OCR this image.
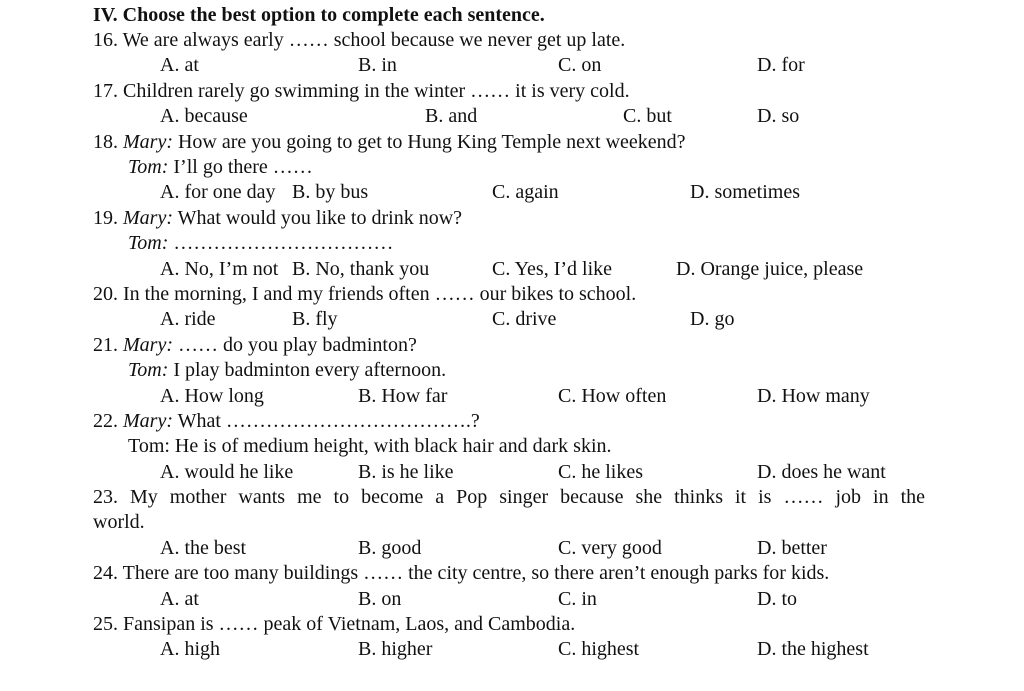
IV. Choose the best option to complete each sentence.
16. We are always early …… school because we never get up late.
A. at	B. in	C. on	D. for
17. Children rarely go swimming in the winter …… it is very cold.
A. because	B. and	C. but	D. so
18. Mary: How are you going to get to Hung King Temple next weekend?
Tom: I’ll go there ……
A. for one day B. by bus	C. again	D. sometimes
19. Mary: What would you like to drink now?
Tom: ……………………………
A. No, I’m not B. No, thank you	C. Yes, I’d like	D. Orange juice, please
20. In the morning, I and my friends often …… our bikes to school.
A. ride	B. fly	C. drive	D. go
21. Mary: …… do you play badminton?
Tom: I play badminton every afternoon.
A. How long	B. How far	C. How often	D. How many
22. Mary: What ……………………………….?
Tom: He is of medium height, with black hair and dark skin.
A. would he like	B. is he like	C. he likes	D. does he want
23. My mother wants me to become a Pop singer because she thinks it is …… job in the
world.
A. the best	B. good	C. very good	D. better
24. There are too many buildings …… the city centre, so there aren’t enough parks for kids.
A. at	B. on	C. in	D. to
25. Fansipan is …… peak of Vietnam, Laos, and Cambodia.
A. high	B. higher	C. highest	D. the highest
